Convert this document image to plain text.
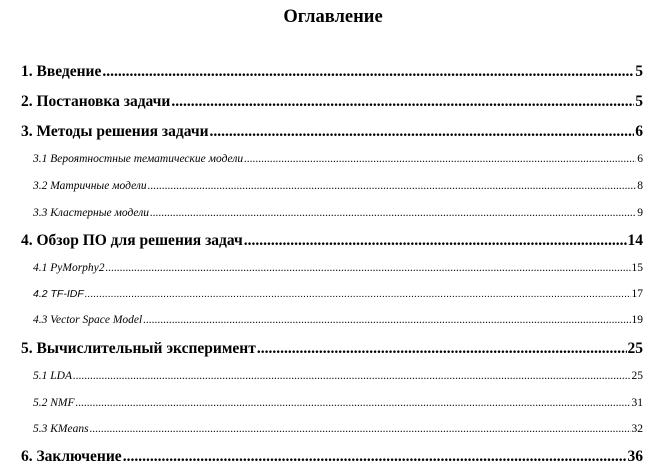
Оглавление
1. Введение .....	5
2. Постановка задачи .....	5
3. Методы решения задачи .....	6
3.1 Вероятностные тематические модели .....	6
3.2 Матричные модели .....	8
3.3 Кластерные модели .....	9
4. Обзор ПО для решения задач .....	14
4.1 PyMorphy2 .....	15
4.2 TF-IDF .....	17
4.3 Vector Space Model .....	19
5. Вычислительный эксперимент .....	25
5.1 LDA .....	25
5.2 NMF .....	31
5.3 KMeans .....	32
6. Заключение .....	36
